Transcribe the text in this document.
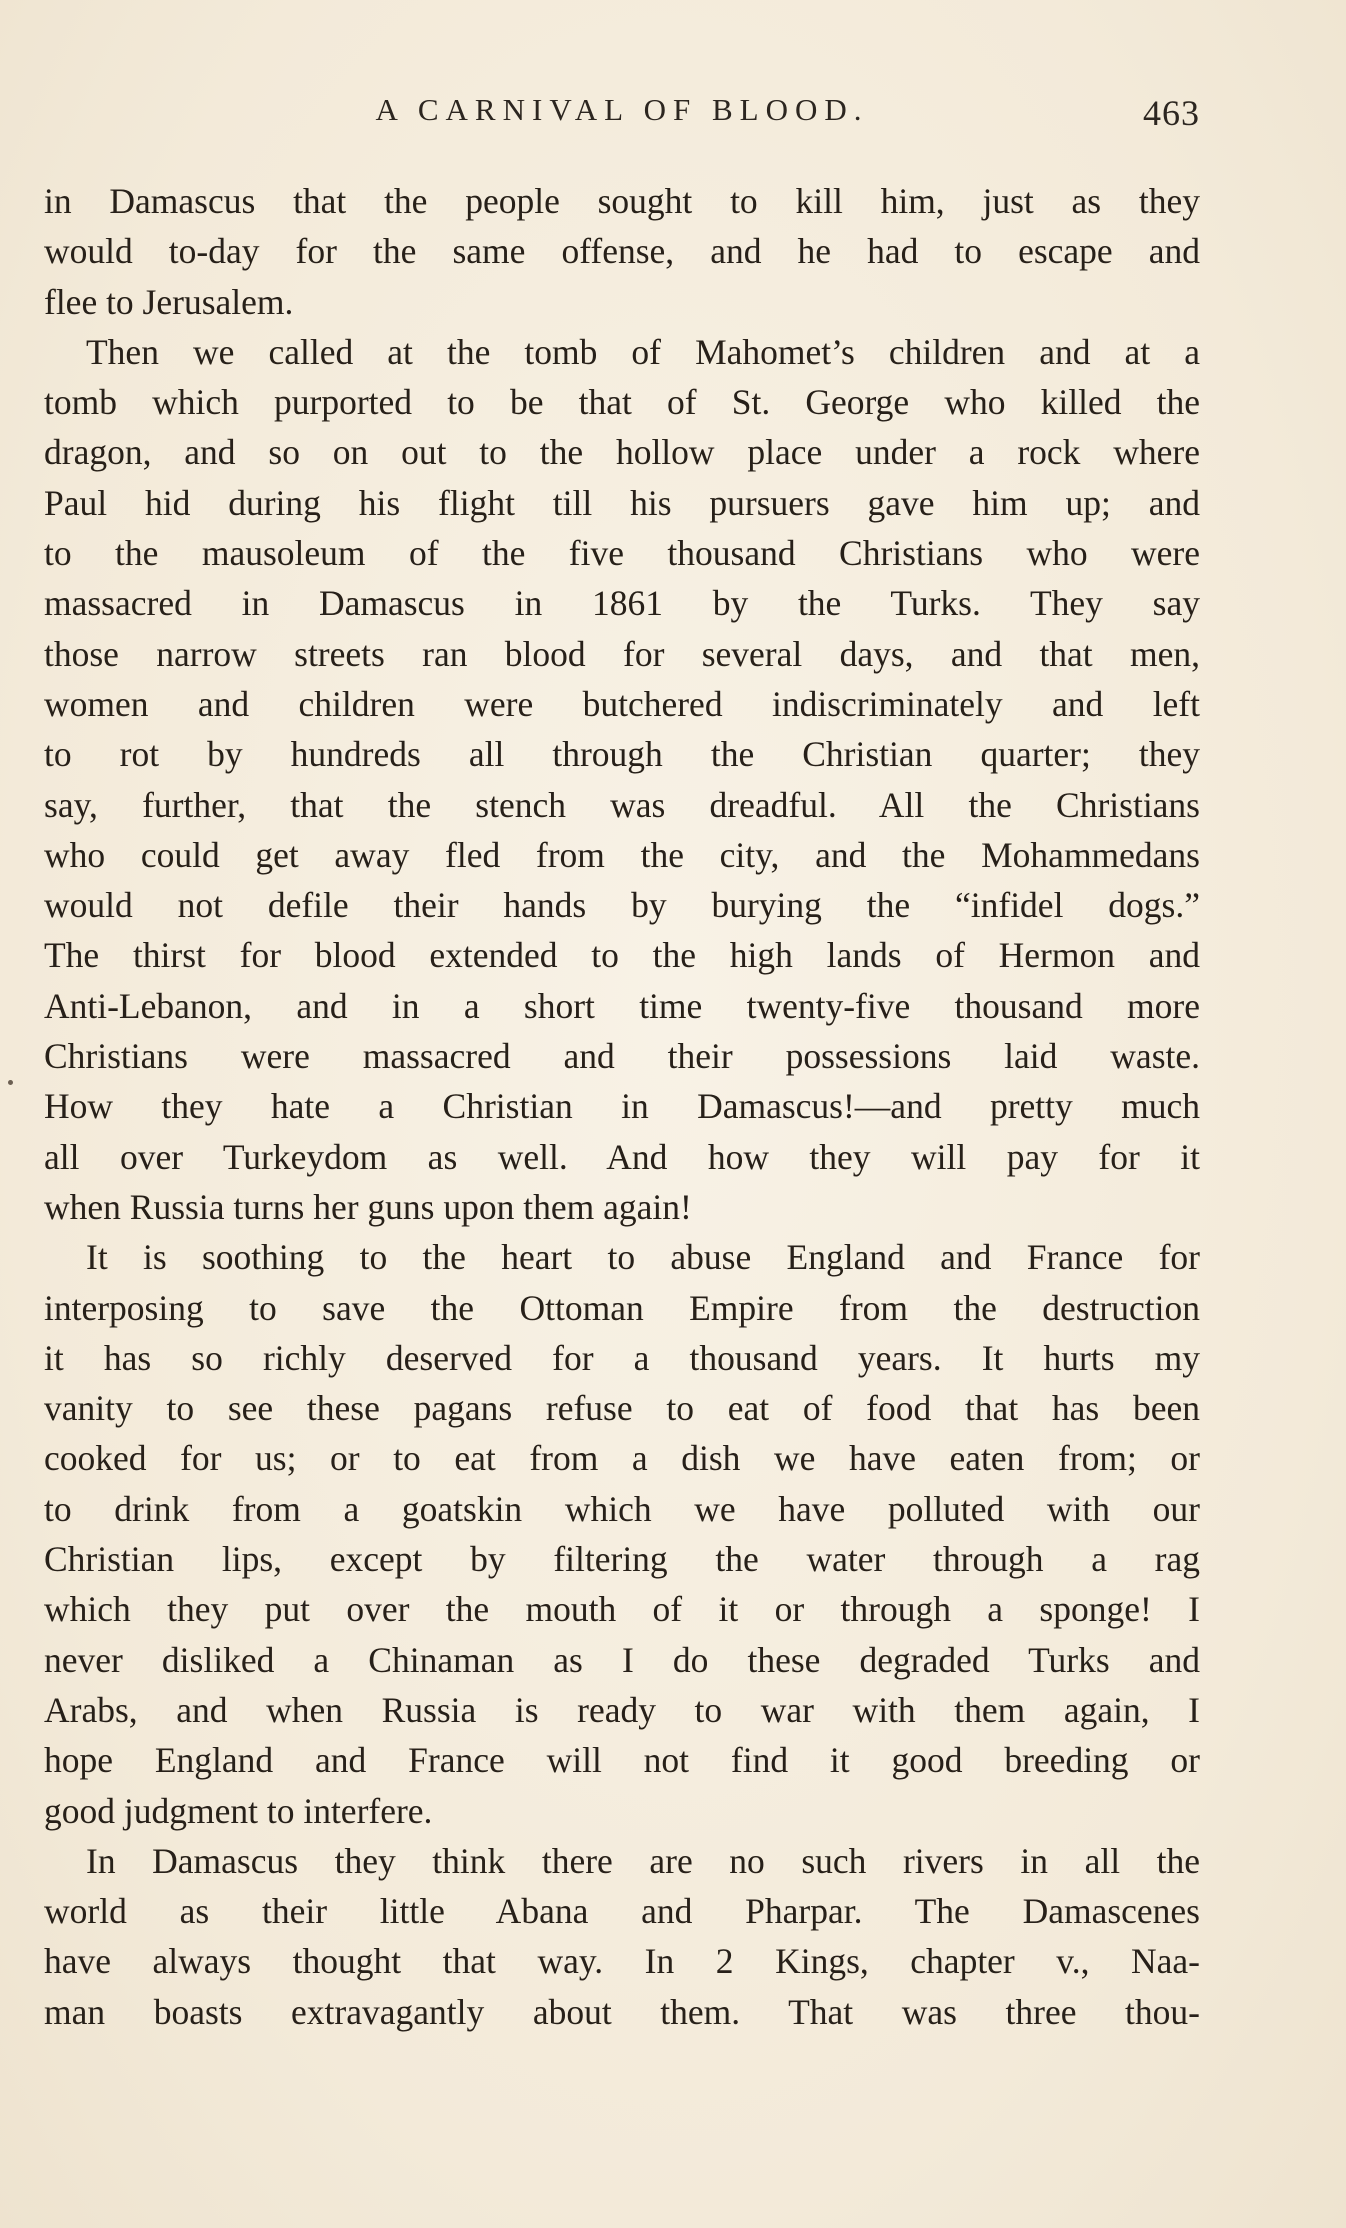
A CARNIVAL OF BLOOD.	463
in Damascus that the people sought to kill him, just as they
would to-day for the same offense, and he had to escape and
flee to Jerusalem.
Then we called at the tomb of Mahomet’s children and at a
tomb which purported to be that of St. George who killed the
dragon, and so on out to the hollow place under a rock where
Paul hid during his flight till his pursuers gave him up; and
to the mausoleum of the five thousand Christians who were
massacred in Damascus in 1861 by the Turks. They say
those narrow streets ran blood for several days, and that men,
women and children were butchered indiscriminately and left
to rot by hundreds all through the Christian quarter; they
say, further, that the stench was dreadful. All the Christians
who could get away fled from the city, and the Mohammedans
would not defile their hands by burying the “infidel dogs.”
The thirst for blood extended to the high lands of Hermon and
Anti-Lebanon, and in a short time twenty-five thousand more
Christians were massacred and their possessions laid waste.
How they hate a Christian in Damascus!—and pretty much
all over Turkeydom as well. And how they will pay for it
when Russia turns her guns upon them again!
It is soothing to the heart to abuse England and France for
interposing to save the Ottoman Empire from the destruction
it has so richly deserved for a thousand years. It hurts my
vanity to see these pagans refuse to eat of food that has been
cooked for us; or to eat from a dish we have eaten from; or
to drink from a goatskin which we have polluted with our
Christian lips, except by filtering the water through a rag
which they put over the mouth of it or through a sponge! I
never disliked a Chinaman as I do these degraded Turks and
Arabs, and when Russia is ready to war with them again, I
hope England and France will not find it good breeding or
good judgment to interfere.
In Damascus they think there are no such rivers in all the
world as their little Abana and Pharpar. The Damascenes
have always thought that way. In 2 Kings, chapter v., Naa-
man boasts extravagantly about them. That was three thou-
